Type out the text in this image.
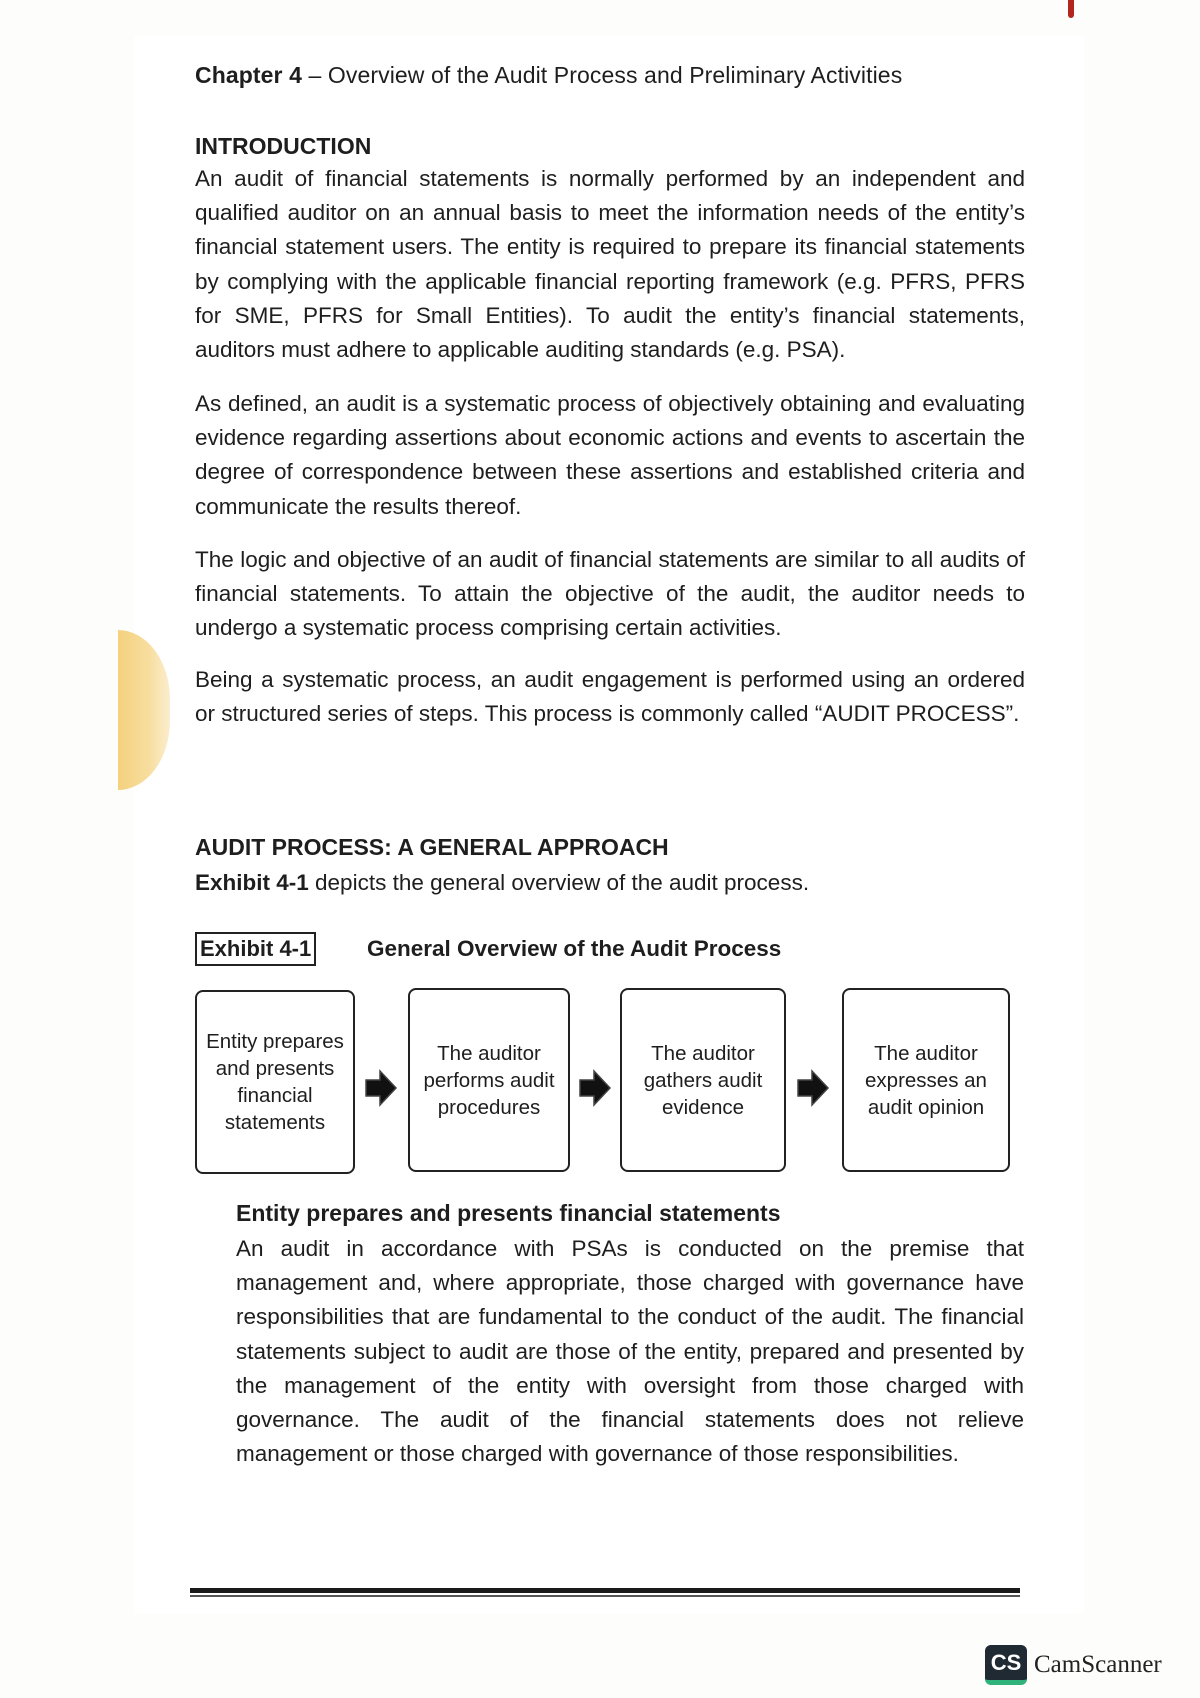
Chapter 4 – Overview of the Audit Process and Preliminary Activities
INTRODUCTION

An audit of financial statements is normally performed by an independent and qualified auditor on an annual basis to meet the information needs of the entity’s financial statement users. The entity is required to prepare its financial statements by complying with the applicable financial reporting framework (e.g. PFRS, PFRS for SME, PFRS for Small Entities). To audit the entity’s financial statements, auditors must adhere to applicable auditing standards (e.g. PSA).

As defined, an audit is a systematic process of objectively obtaining and evaluating evidence regarding assertions about economic actions and events to ascertain the degree of correspondence between these assertions and established criteria and communicate the results thereof.

The logic and objective of an audit of financial statements are similar to all audits of financial statements. To attain the objective of the audit, the auditor needs to undergo a systematic process comprising certain activities.

Being a systematic process, an audit engagement is performed using an ordered or structured series of steps. This process is commonly called “AUDIT PROCESS”.

AUDIT PROCESS: A GENERAL APPROACH
Exhibit 4-1 depicts the general overview of the audit process.
Exhibit 4-1 General Overview of the Audit Process
Entity prepares and presents financial statements
The auditor performs audit procedures
The auditor gathers audit evidence
The auditor expresses an audit opinion
Entity prepares and presents financial statements

An audit in accordance with PSAs is conducted on the premise that management and, where appropriate, those charged with governance have responsibilities that are fundamental to the conduct of the audit. The financial statements subject to audit are those of the entity, prepared and presented by the management of the entity with oversight from those charged with governance. The audit of the financial statements does not relieve management or those charged with governance of those responsibilities.

CS CamScanner
